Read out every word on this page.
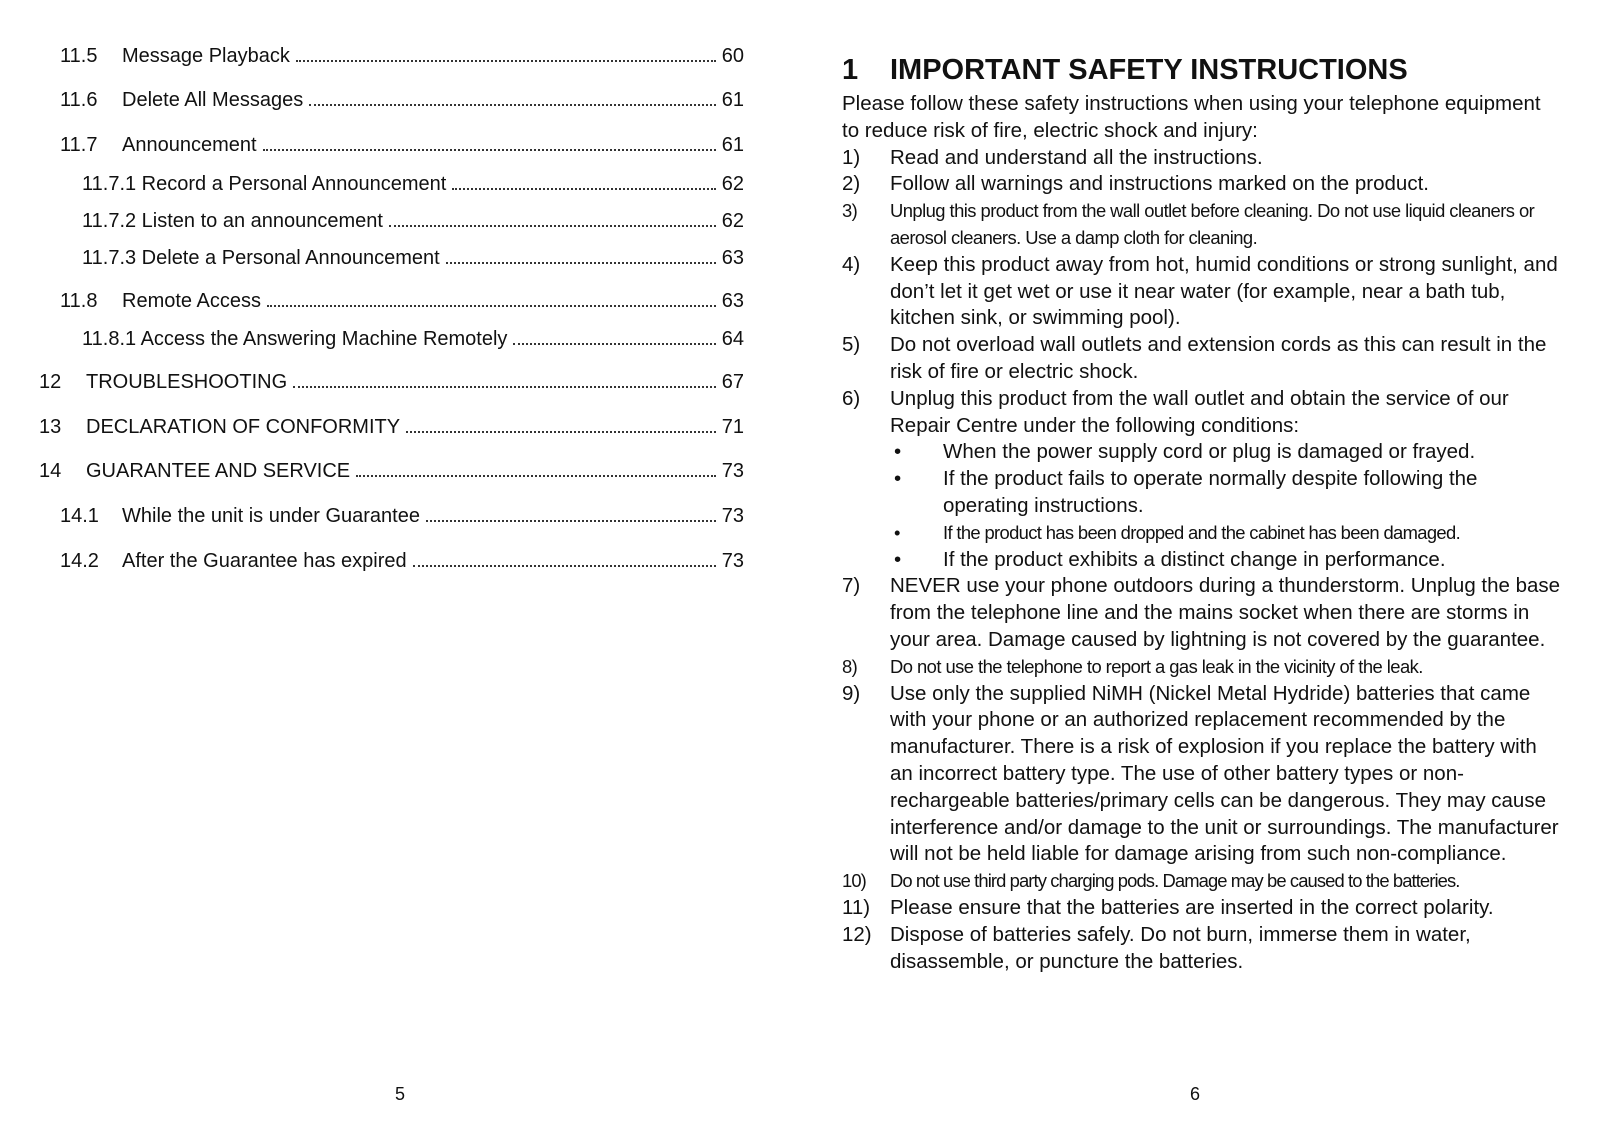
11.5	Message Playback	60
11.6	Delete All Messages	61
11.7	Announcement	61
11.7.1 Record a Personal Announcement	62
11.7.2 Listen to an announcement	62
11.7.3 Delete a Personal Announcement	63
11.8	Remote Access	63
11.8.1 Access the Answering Machine Remotely	64
12	TROUBLESHOOTING	67
13	DECLARATION OF CONFORMITY	71
14	GUARANTEE AND SERVICE	73
14.1	While the unit is under Guarantee	73
14.2	After the Guarantee has expired	73
5
1	IMPORTANT SAFETY INSTRUCTIONS

Please follow these safety instructions when using your telephone equipment to reduce risk of fire, electric shock and injury:

1)	Read and understand all the instructions.
2)	Follow all warnings and instructions marked on the product.
3)	Unplug this product from the wall outlet before cleaning. Do not use liquid cleaners or aerosol cleaners. Use a damp cloth for cleaning.
4)	Keep this product away from hot, humid conditions or strong sunlight, and don’t let it get wet or use it near water (for example, near a bath tub, kitchen sink, or swimming pool).
5)	Do not overload wall outlets and extension cords as this can result in the risk of fire or electric shock.
6)	Unplug this product from the wall outlet and obtain the service of our Repair Centre under the following conditions:
•	When the power supply cord or plug is damaged or frayed.
•	If the product fails to operate normally despite following the operating instructions.
•	If the product has been dropped and the cabinet has been damaged.
•	If the product exhibits a distinct change in performance.
7)	NEVER use your phone outdoors during a thunderstorm. Unplug the base from the telephone line and the mains socket when there are storms in your area. Damage caused by lightning is not covered by the guarantee.
8)	Do not use the telephone to report a gas leak in the vicinity of the leak.
9)	Use only the supplied NiMH (Nickel Metal Hydride) batteries that came with your phone or an authorized replacement recommended by the manufacturer. There is a risk of explosion if you replace the battery with an incorrect battery type. The use of other battery types or non-rechargeable batteries/primary cells can be dangerous. They may cause interference and/or damage to the unit or surroundings. The manufacturer will not be held liable for damage arising from such non-compliance.
10)	Do not use third party charging pods. Damage may be caused to the batteries.
11) Please ensure that the batteries are inserted in the correct polarity.
12) Dispose of batteries safely. Do not burn, immerse them in water, disassemble, or puncture the batteries.
6
